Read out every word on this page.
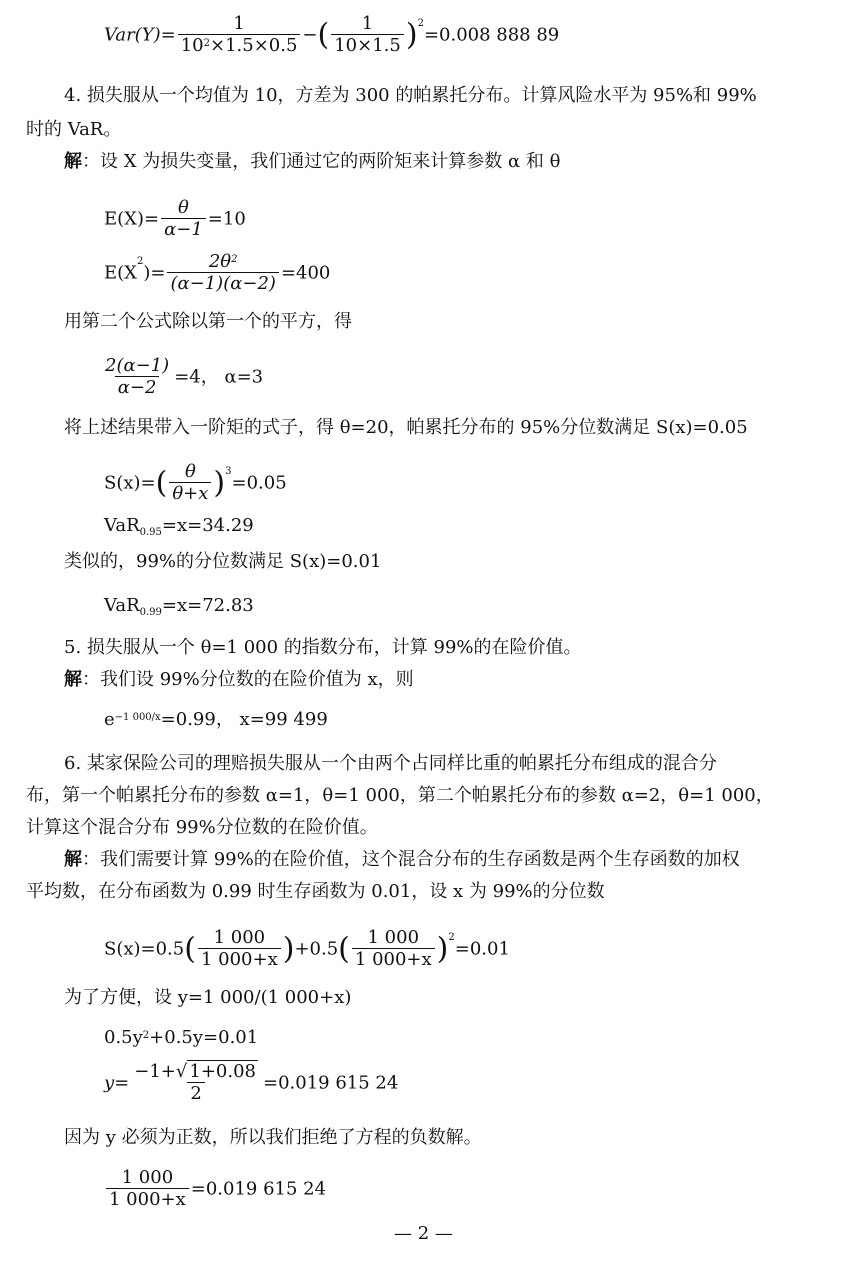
$Var(Y)= \frac{1}{10^2\times 1.5\times 0.5}$ −( $\frac{1}{10\times 1.5} )^2=0.008$ 888 89
4. 损失服从一个均值为 10，方差为 300 的帕累托分布。计算风险水平为 95%和 99%
时的 VaR。
解：设 X 为损失变量，我们通过它的两阶矩来计算参数 α 和 θ
$E(X)= \frac{\theta}{\alpha-1} =10$
$E(X^2)= \frac{2\theta^2}{(\alpha-1)(\alpha-2)} =400$
用第二个公式除以第一个的平方，得
$\frac{2(\alpha-1)}{\alpha-2} =4$， α=3
将上述结果带入一阶矩的式子，得 θ=20，帕累托分布的 95%分位数满足 S(x)=0.05
$S(x)=( \frac{\theta}{\theta+x} )^3=0.05$
VaR$_{0.95}$=x=34.29
类似的，99%的分位数满足 S(x)=0.01
VaR$_{0.99}$=x=72.83
5. 损失服从一个 θ=1 000 的指数分布，计算 99%的在险价值。
解：我们设 99%分位数的在险价值为 x，则
$e^{-1 000/x}=0.99$， x=99 499
6. 某家保险公司的理赔损失服从一个由两个占同样比重的帕累托分布组成的混合分
布，第一个帕累托分布的参数 α=1，θ=1 000，第二个帕累托分布的参数 α=2，θ=1 000，
计算这个混合分布 99%分位数的在险价值。
解：我们需要计算 99%的在险价值，这个混合分布的生存函数是两个生存函数的加权
平均数，在分布函数为 0.99 时生存函数为 0.01，设 x 为 99%的分位数
$S(x)=0.5( \frac{1 000}{1 000+x} )+0.5( \frac{1 000}{1 000+x} )^2=0.01$
为了方便，设 y=1 000/(1 000+x)
$0.5y^2+0.5y=0.01$
$y= \frac{-1+√ 1+0.08}{2} =0.019$ 615 24
因为 y 必须为正数，所以我们拒绝了方程的负数解。
$\frac{1 000}{1 000+x} =0.019$ 615 24
— 2 —
